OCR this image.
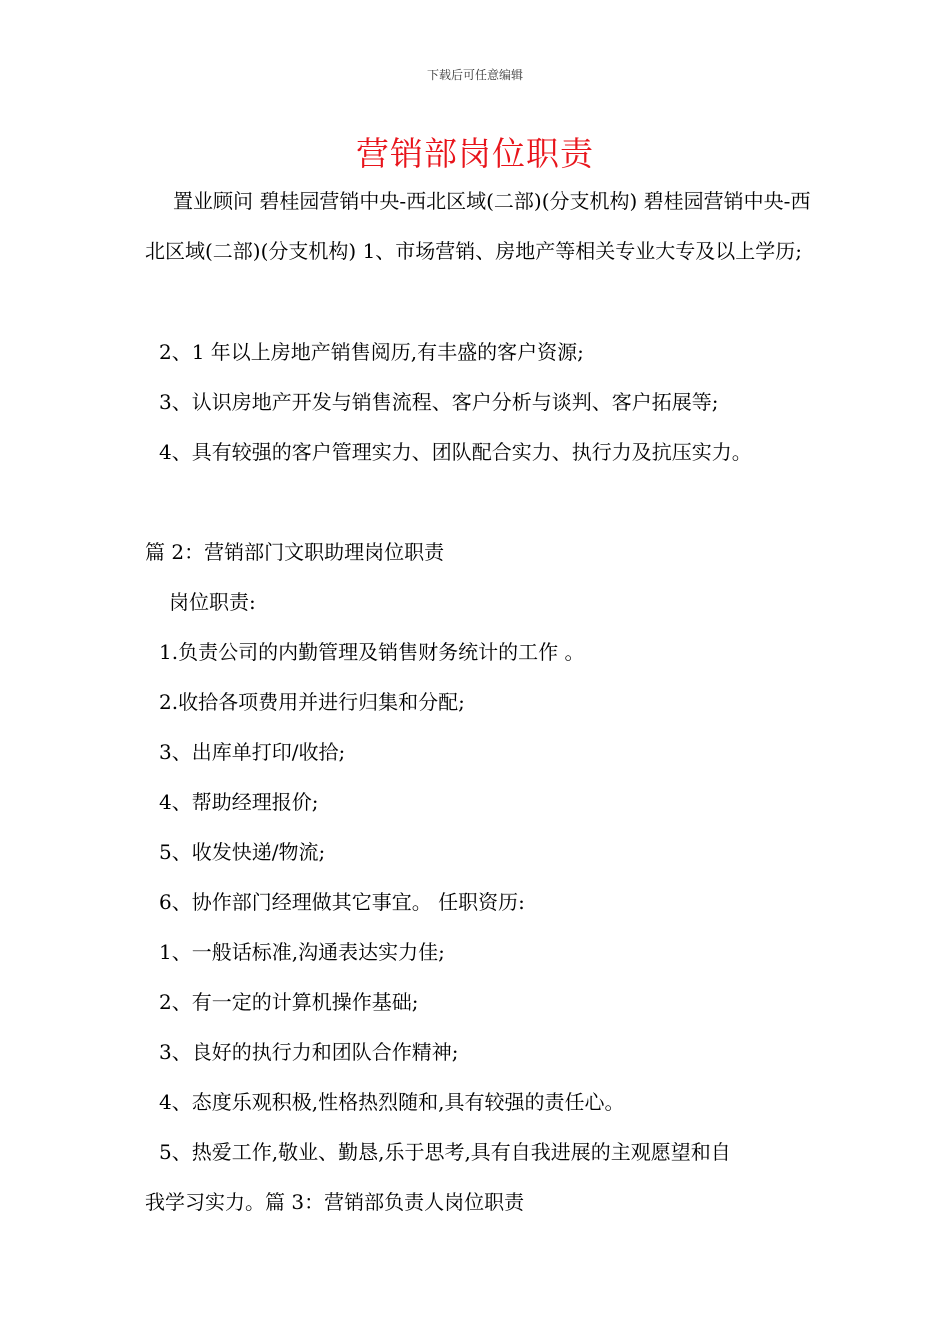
下载后可任意编辑
营销部岗位职责

置业顾问 碧桂园营销中央-西北区域(二部)(分支机构) 碧桂园营销中央-西北区域(二部)(分支机构) 1、市场营销、房地产等相关专业大专及以上学历;

2、1 年以上房地产销售阅历,有丰盛的客户资源;

3、认识房地产开发与销售流程、客户分析与谈判、客户拓展等;

4、具有较强的客户管理实力、团队配合实力、执行力及抗压实力。

篇 2：营销部门文职助理岗位职责

岗位职责:

1.负责公司的内勤管理及销售财务统计的工作 。

2.收拾各项费用并进行归集和分配;

3、出库单打印/收拾;

4、帮助经理报价;

5、收发快递/物流;

6、协作部门经理做其它事宜。 任职资历:

1、一般话标准,沟通表达实力佳;

2、有一定的计算机操作基础;

3、良好的执行力和团队合作精神;

4、态度乐观积极,性格热烈随和,具有较强的责任心。

5、热爱工作,敬业、勤恳,乐于思考,具有自我进展的主观愿望和自

我学习实力。篇 3：营销部负责人岗位职责
